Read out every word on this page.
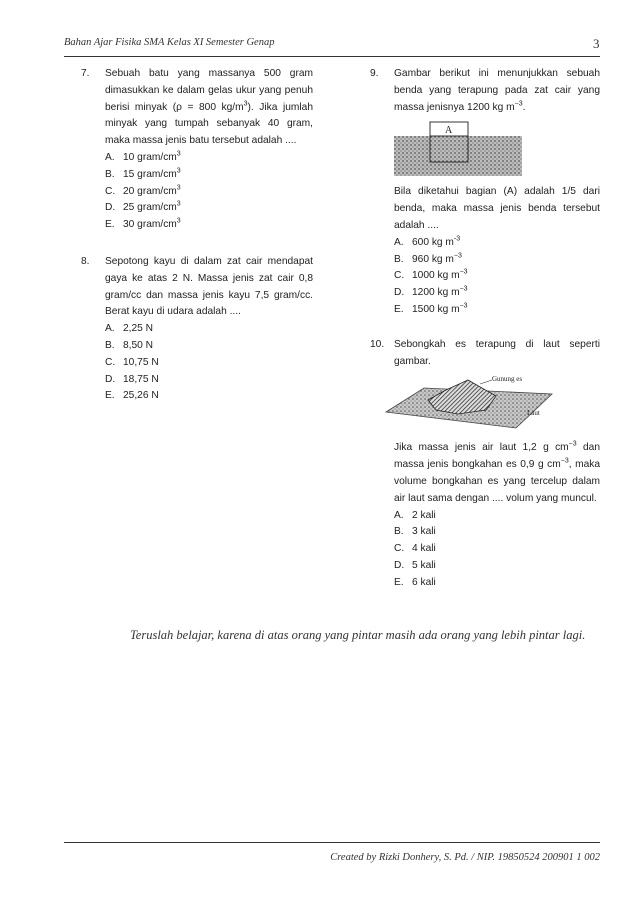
Bahan Ajar Fisika SMA Kelas XI Semester Genap	3
7. Sebuah batu yang massanya 500 gram dimasukkan ke dalam gelas ukur yang penuh berisi minyak (ρ = 800 $kg/m^3$). Jika jumlah minyak yang tumpah sebanyak 40 gram, maka massa jenis batu tersebut adalah ....
A. 10 gram/$cm^3$
B. 15 gram/$cm^3$
C. 20 gram/$cm^3$
D. 25 gram/$cm^3$
E. 30 gram/$cm^3$
8. Sepotong kayu di dalam zat cair mendapat gaya ke atas 2 N. Massa jenis zat cair 0,8 gram/cc dan massa jenis kayu 7,5 gram/cc. Berat kayu di udara adalah ....
A. 2,25 N
B. 8,50 N
C. 10,75 N
D. 18,75 N
E. 25,26 N
9. Gambar berikut ini menunjukkan sebuah benda yang terapung pada zat cair yang massa jenisnya 1200 kg $m^{-3}$.
A
Bila diketahui bagian (A) adalah 1/5 dari benda, maka massa jenis benda tersebut adalah ....
A. 600 kg $m^{-3}$
B. 960 kg $m^{-3}$
C. 1000 kg $m^{-3}$
D. 1200 kg $m^{-3}$
E. 1500 kg $m^{-3}$
10. Sebongkah es terapung di laut seperti gambar.
Gunung es
Laut
Jika massa jenis air laut 1,2 g $cm^{-3}$ dan massa jenis bongkahan es 0,9 g $cm^{-3}$, maka volume bongkahan es yang tercelup dalam air laut sama dengan .... volum yang muncul.
A. 2 kali
B. 3 kali
C. 4 kali
D. 5 kali
E. 6 kali
Teruslah belajar, karena di atas orang yang pintar masih ada orang yang lebih pintar lagi.
Created by Rizki Donhery, S. Pd. / NIP. 19850524 200901 1 002
